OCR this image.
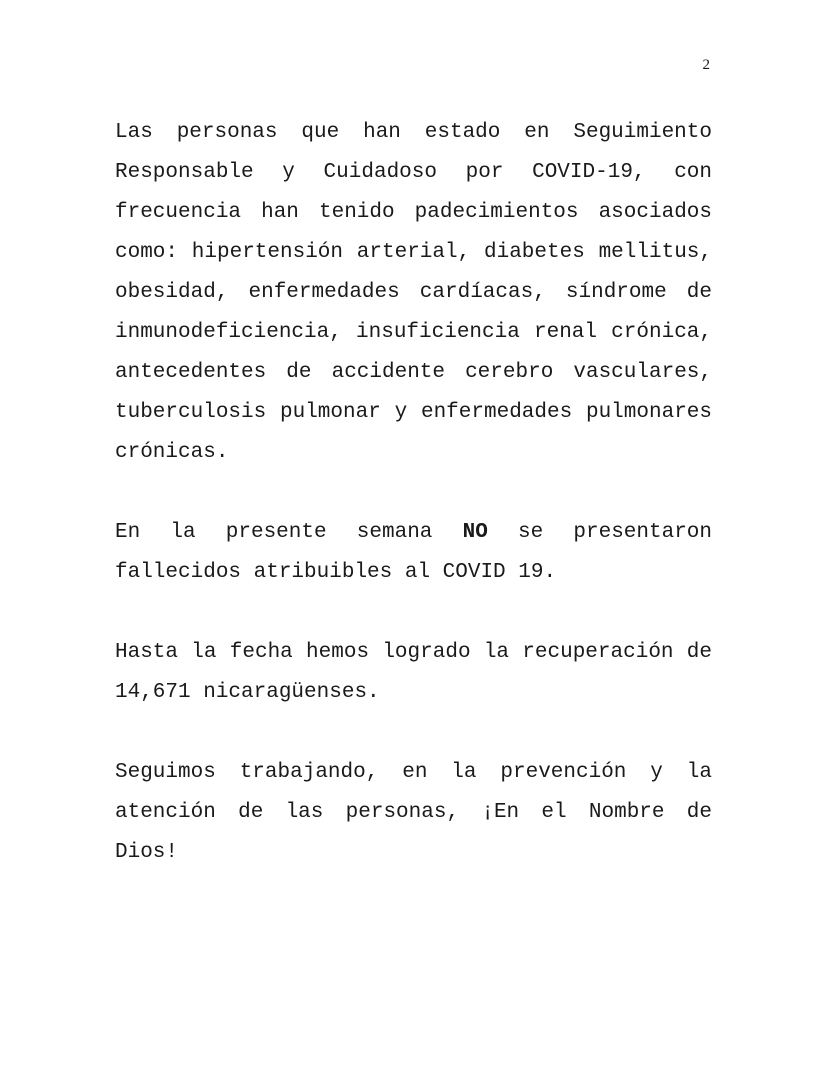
2

Las personas que han estado en Seguimiento Responsable y Cuidadoso por COVID-19, con frecuencia han tenido padecimientos asociados como: hipertensión arterial, diabetes mellitus, obesidad, enfermedades cardíacas, síndrome de inmunodeficiencia, insuficiencia renal crónica, antecedentes de accidente cerebro vasculares, tuberculosis pulmonar y enfermedades pulmonares crónicas.

En la presente semana NO se presentaron fallecidos atribuibles al COVID 19.

Hasta la fecha hemos logrado la recuperación de 14,671 nicaragüenses.

Seguimos trabajando, en la prevención y la atención de las personas, ¡En el Nombre de Dios!
